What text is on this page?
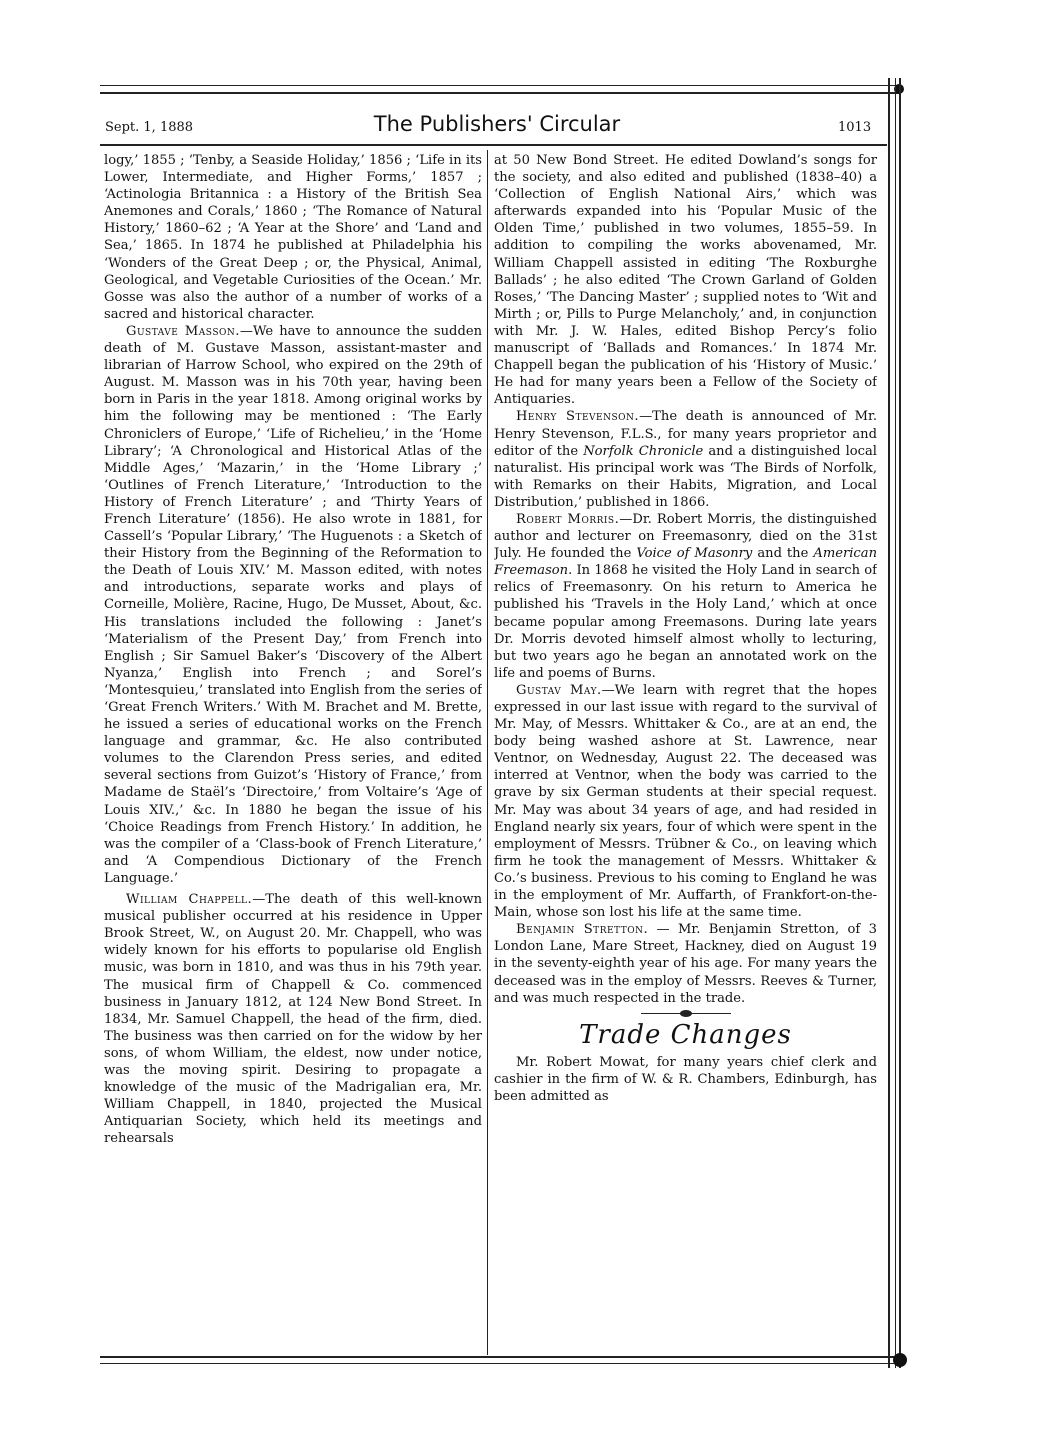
Sept. 1, 1888	The Publishers' Circular	1013

logy,’ 1855 ; ‘Tenby, a Seaside Holiday,’ 1856 ; ‘Life in its Lower, Intermediate, and Higher Forms,’ 1857 ; ‘Actinologia Britannica : a History of the British Sea Anemones and Corals,’ 1860 ; ‘The Romance of Natural History,’ 1860–62 ; ‘A Year at the Shore’ and ‘Land and Sea,’ 1865. In 1874 he published at Philadelphia his ‘Wonders of the Great Deep ; or, the Physical, Animal, Geological, and Vegetable Curiosities of the Ocean.’ Mr. Gosse was also the author of a number of works of a sacred and historical character.

Gustave Masson.—We have to announce the sudden death of M. Gustave Masson, assistant-master and librarian of Harrow School, who expired on the 29th of August. M. Masson was in his 70th year, having been born in Paris in the year 1818. Among original works by him the following may be mentioned : ‘The Early Chroniclers of Europe,’ ‘Life of Richelieu,’ in the ‘Home Library’; ‘A Chronological and Historical Atlas of the Middle Ages,’ ‘Mazarin,’ in the ‘Home Library ;’ ‘Outlines of French Literature,’ ‘Introduction to the History of French Literature’ ; and ‘Thirty Years of French Literature’ (1856). He also wrote in 1881, for Cassell’s ‘Popular Library,’ ‘The Huguenots : a Sketch of their History from the Beginning of the Reformation to the Death of Louis XIV.’ M. Masson edited, with notes and introductions, separate works and plays of Corneille, Molière, Racine, Hugo, De Musset, About, &c. His translations included the following : Janet’s ‘Materialism of the Present Day,’ from French into English ; Sir Samuel Baker’s ‘Discovery of the Albert Nyanza,’ English into French ; and Sorel’s ‘Montesquieu,’ translated into English from the series of ‘Great French Writers.’ With M. Brachet and M. Brette, he issued a series of educational works on the French language and grammar, &c. He also contributed volumes to the Clarendon Press series, and edited several sections from Guizot’s ‘History of France,’ from Madame de Staël’s ‘Directoire,’ from Voltaire’s ‘Age of Louis XIV.,’ &c. In 1880 he began the issue of his ‘Choice Readings from French History.’ In addition, he was the compiler of a ‘Class-book of French Literature,’ and ‘A Compendious Dictionary of the French Language.’

William Chappell.—The death of this well-known musical publisher occurred at his residence in Upper Brook Street, W., on August 20. Mr. Chappell, who was widely known for his efforts to popularise old English music, was born in 1810, and was thus in his 79th year. The musical firm of Chappell & Co. commenced business in January 1812, at 124 New Bond Street. In 1834, Mr. Samuel Chappell, the head of the firm, died. The business was then carried on for the widow by her sons, of whom William, the eldest, now under notice, was the moving spirit. Desiring to propagate a knowledge of the music of the Madrigalian era, Mr. William Chappell, in 1840, projected the Musical Antiquarian Society, which held its meetings and rehearsals

at 50 New Bond Street. He edited Dowland’s songs for the society, and also edited and published (1838–40) a ‘Collection of English National Airs,’ which was afterwards expanded into his ‘Popular Music of the Olden Time,’ published in two volumes, 1855–59. In addition to compiling the works abovenamed, Mr. William Chappell assisted in editing ‘The Roxburghe Ballads’ ; he also edited ‘The Crown Garland of Golden Roses,’ ‘The Dancing Master’ ; supplied notes to ‘Wit and Mirth ; or, Pills to Purge Melancholy,’ and, in conjunction with Mr. J. W. Hales, edited Bishop Percy’s folio manuscript of ‘Ballads and Romances.’ In 1874 Mr. Chappell began the publication of his ‘History of Music.’ He had for many years been a Fellow of the Society of Antiquaries.

Henry Stevenson.—The death is announced of Mr. Henry Stevenson, F.L.S., for many years proprietor and editor of the Norfolk Chronicle and a distinguished local naturalist. His principal work was ‘The Birds of Norfolk, with Remarks on their Habits, Migration, and Local Distribution,’ published in 1866.

Robert Morris.—Dr. Robert Morris, the distinguished author and lecturer on Freemasonry, died on the 31st July. He founded the Voice of Masonry and the American Freemason. In 1868 he visited the Holy Land in search of relics of Freemasonry. On his return to America he published his ‘Travels in the Holy Land,’ which at once became popular among Freemasons. During late years Dr. Morris devoted himself almost wholly to lecturing, but two years ago he began an annotated work on the life and poems of Burns.

Gustav May.—We learn with regret that the hopes expressed in our last issue with regard to the survival of Mr. May, of Messrs. Whittaker & Co., are at an end, the body being washed ashore at St. Lawrence, near Ventnor, on Wednesday, August 22. The deceased was interred at Ventnor, when the body was carried to the grave by six German students at their special request. Mr. May was about 34 years of age, and had resided in England nearly six years, four of which were spent in the employment of Messrs. Trübner & Co., on leaving which firm he took the management of Messrs. Whittaker & Co.’s business. Previous to his coming to England he was in the employment of Mr. Auffarth, of Frankfort-on-the-Main, whose son lost his life at the same time.

Benjamin Stretton. — Mr. Benjamin Stretton, of 3 London Lane, Mare Street, Hackney, died on August 19 in the seventy-eighth year of his age. For many years the deceased was in the employ of Messrs. Reeves & Turner, and was much respected in the trade.

Trade Changes

Mr. Robert Mowat, for many years chief clerk and cashier in the firm of W. & R. Chambers, Edinburgh, has been admitted as
